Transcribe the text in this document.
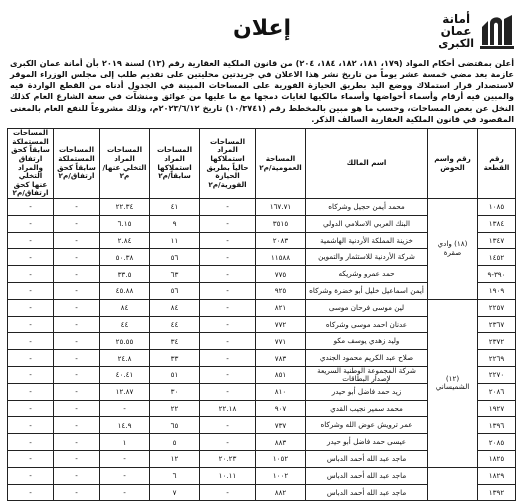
أمانة
عمان
الكبرى
إعلان

أعلن بمقتضى أحكام المواد (١٧٩، ١٨١، ١٨٢، ١٨٤، ٢٠٤) من قانون الملكية العقارية رقم (١٣) لسنة ٢٠١٩ بأن أمانة عمان الكبرى عازمة بعد مضي خمسة عشر يوماً من تاريخ نشر هذا الاعلان في جريدتين محليتين على تقديم طلب إلى مجلس الوزراء الموقر لاستصدار قرار استملاك ووضع اليد بطريق الحيازة الفورية على المساحات المبينة في الجدول أدناه من القطع الواردة فيه والمبين فيه أرقام وأسماء أحواضها وأسماء مالكيها لغايات دمجها مع ما عليها من عوائق ومنشآت في سعة الشارع العام كذلك النخل عن بعض المساحات، وحسب ما هو مبين بالمخطط رقم (١٠/٣٧٤١) تاريخ ٢٠٢٣/٦/١٢م، وذلك مشروعاً للنفع العام بالمعنى المقصود في قانون الملكية العقارية السالف الذكر.

رقم القطعة	رقم واسم الحوض	اسم المالك	المساحة العمومية/م٢	المساحات المراد استملاكها حالياً بطريق الحيازة الفورية/م٢	المساحات المراد استملاكها سابقاً/م٢	المساحات المراد التخلي عنها/م٢	المساحات المستملكة سابقاً كحق ارتفاق/م٢	المساحات المستملكة سابقاً كحق ارتفاق والمراد التخلي عنها كحق ارتفاق/م٢
١٠٨٥	(١٨) وادي صقرة	محمد أيمن حجيل وشركاه	١٦٧.٧١	-	٤١	٢٢.٣٤	-	-
١٣٨٤		البنك العربي الاسلامي الدولي	٣٥١٥	-	٩	٦.١٥	-	-
١٣٤٧		خزينة المملكة الأردنية الهاشمية	٢٠٨٣	-	١١	٢.٨٤	-	-
١٤٥٢		شركة الأردنية للاستثمار والتموين	١١٥٨٨	-	٥٦	٥٠.٣٨	-	-
٣٩٠-٩		حمد عمرو وشريكه	٧٧٥	-	٦٣	٣٣.٥	-	-
١٩٠٩		أيمن اسماعيل خليل أبو خضرة وشركاه	٩٢٥	-	٥٦	٤٥.٨٨	-	-
٢٢٥٧	(١٢) الشميساني	لين موسى فرحان موسى	٨٢١	-	٨٤	٨٤	-	-
٢٣٦٧		عدنان احمد موسى وشركاه	٧٧٢	-	٤٤	٤٤	-	-
٢٣٧٢		وليد زهدي يوسف مكو	٧٧١	-	٣٤	٢٥.٥٥	-	-
٢٢٦٩		صلاح عبد الكريم محمود الجندي	٧٨٣	-	٣٣	٢٤.٨	-	-
٢٢٧٠		شركة المجموعة الوطنية السريعة لإصدار البطاقات	٨٥١	-	٥١	٤٠.٤١	-	-
٢٠٨٦		زيد حمد فاضل أبو حيدر	٨١٠	-	٣٠	١٢.٨٧	-	-
١٩٢٧		محمد سمير نجيب القدي	٩٠٧	٢٢.١٨	٢٢	-	-	-
١٣٩٦		عمر ترويش عوض الله وشركاه	٧٣٧	-	٦٥	١٤.٩	-	-
٢٠٨٥		عيسى حمد فاضل أبو حيدر	٨٨٣	-	٥	١	-	-
١٨٢٥		ماجد عبد الله أحمد الدباس	١٠٥٢	٢٠.٢٣	١٢	-	-	-
١٨٢٩		ماجد عبد الله أحمد الدباس	١٠٠٢	١٠.١١	٦	-	-	-
١٣٩٢		ماجد عبد الله أحمد الدباس	٨٨٢	-	٧	-	-	-
